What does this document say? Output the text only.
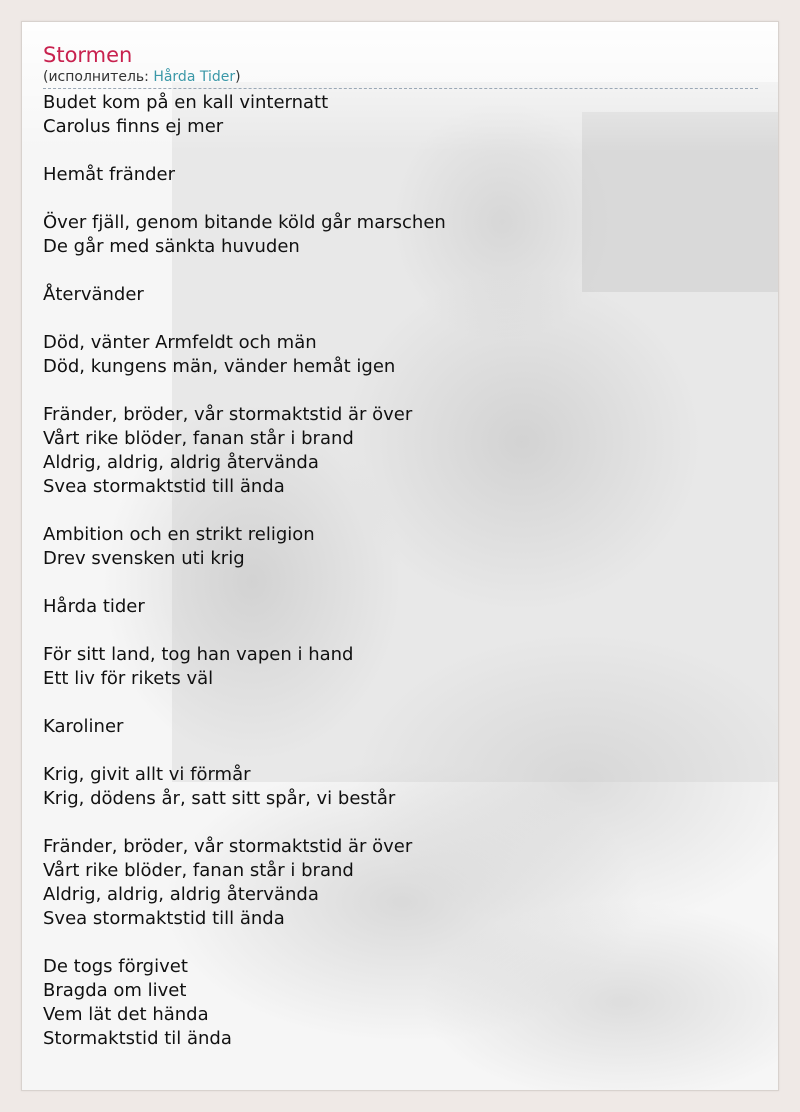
Stormen
(исполнитель: Hårda Tider)
Budet kom på en kall vinternatt
Carolus finns ej mer
Hemåt fränder
Över fjäll, genom bitande köld går marschen
De går med sänkta huvuden
Återvänder
Död, vänter Armfeldt och män
Död, kungens män, vänder hemåt igen
Fränder, bröder, vår stormaktstid är över
Vårt rike blöder, fanan står i brand
Aldrig, aldrig, aldrig återvända
Svea stormaktstid till ända
Ambition och en strikt religion
Drev svensken uti krig
Hårda tider
För sitt land, tog han vapen i hand
Ett liv för rikets väl
Karoliner
Krig, givit allt vi förmår
Krig, dödens år, satt sitt spår, vi består
Fränder, bröder, vår stormaktstid är över
Vårt rike blöder, fanan står i brand
Aldrig, aldrig, aldrig återvända
Svea stormaktstid till ända
De togs förgivet
Bragda om livet
Vem lät det hända
Stormaktstid til ända
